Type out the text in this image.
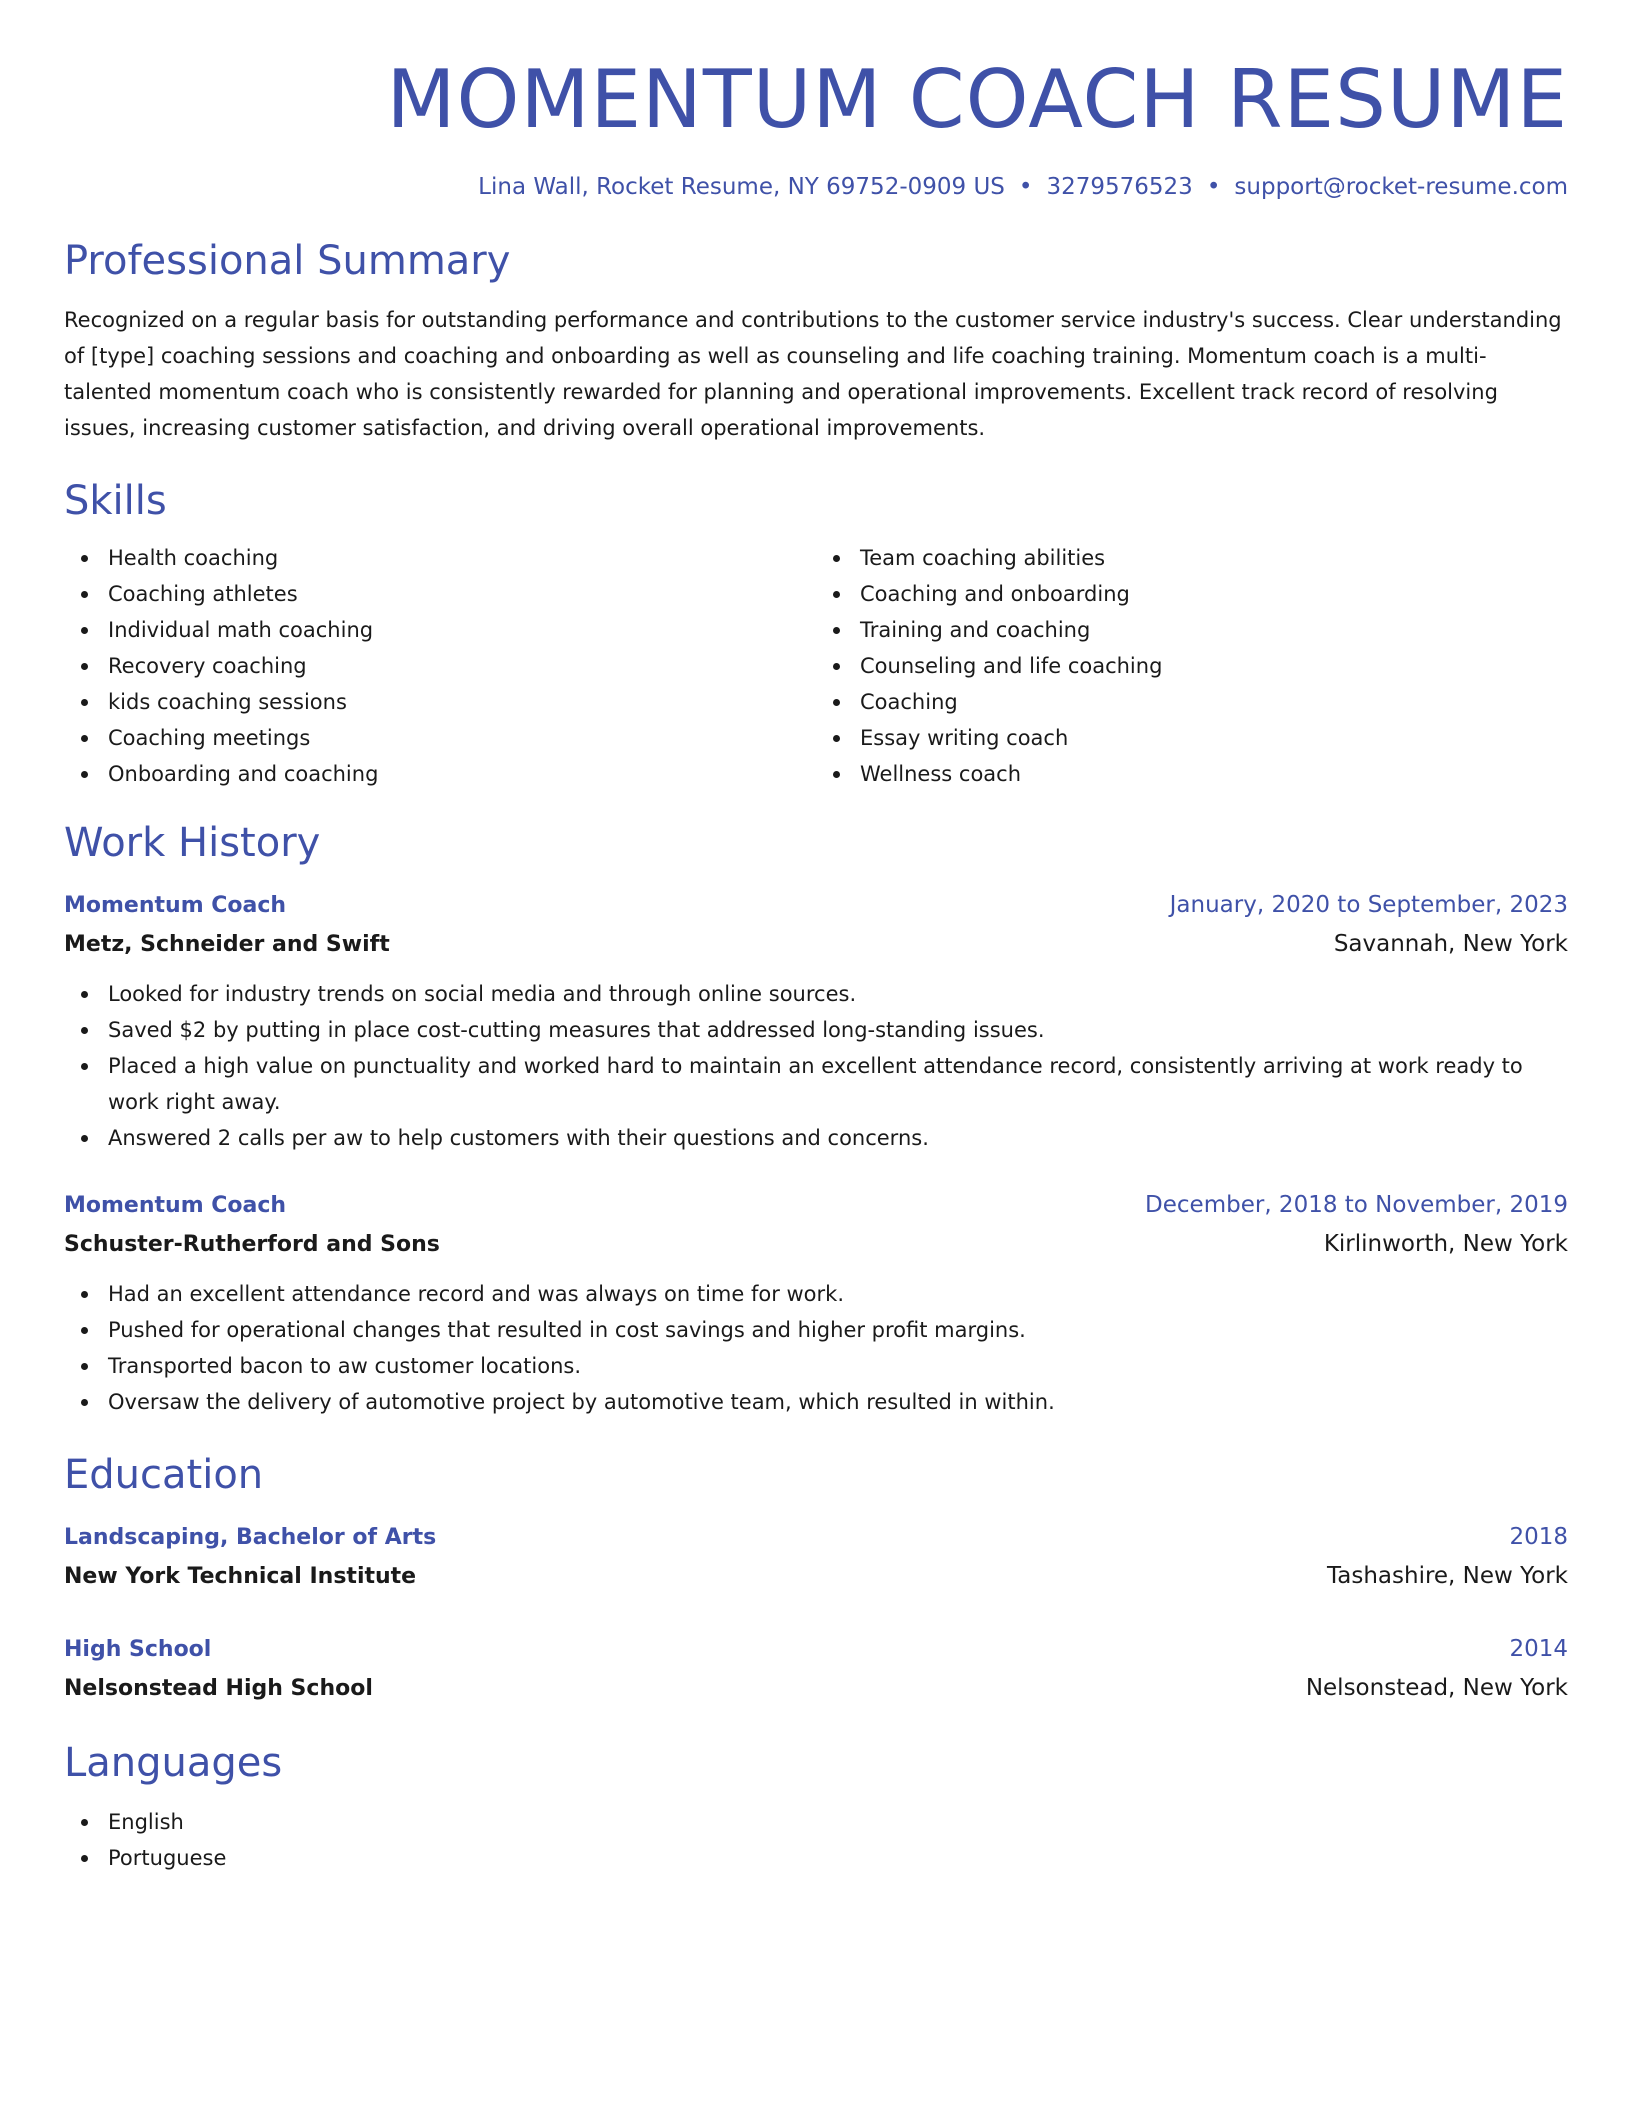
MOMENTUM COACH RESUME
Lina Wall, Rocket Resume, NY 69752-0909 US • 3279576523 • support@rocket-resume.com
Professional Summary

Recognized on a regular basis for outstanding performance and contributions to the customer service industry's success. Clear understanding of [type] coaching sessions and coaching and onboarding as well as counseling and life coaching training. Momentum coach is a multi-talented momentum coach who is consistently rewarded for planning and operational improvements. Excellent track record of resolving issues, increasing customer satisfaction, and driving overall operational improvements.

Skills
Health coaching
Coaching athletes
Individual math coaching
Recovery coaching
kids coaching sessions
Coaching meetings
Onboarding and coaching
Team coaching abilities
Coaching and onboarding
Training and coaching
Counseling and life coaching
Coaching
Essay writing coach
Wellness coach
Work History
Momentum Coach	January, 2020 to September, 2023
Metz, Schneider and Swift	Savannah, New York
Looked for industry trends on social media and through online sources.
Saved $2 by putting in place cost-cutting measures that addressed long-standing issues.
Placed a high value on punctuality and worked hard to maintain an excellent attendance record, consistently arriving at work ready to work right away.
Answered 2 calls per aw to help customers with their questions and concerns.
Momentum Coach	December, 2018 to November, 2019
Schuster-Rutherford and Sons	Kirlinworth, New York
Had an excellent attendance record and was always on time for work.
Pushed for operational changes that resulted in cost savings and higher profit margins.
Transported bacon to aw customer locations.
Oversaw the delivery of automotive project by automotive team, which resulted in within.
Education
Landscaping, Bachelor of Arts	2018
New York Technical Institute	Tashashire, New York
High School	2014
Nelsonstead High School	Nelsonstead, New York
Languages
English
Portuguese
